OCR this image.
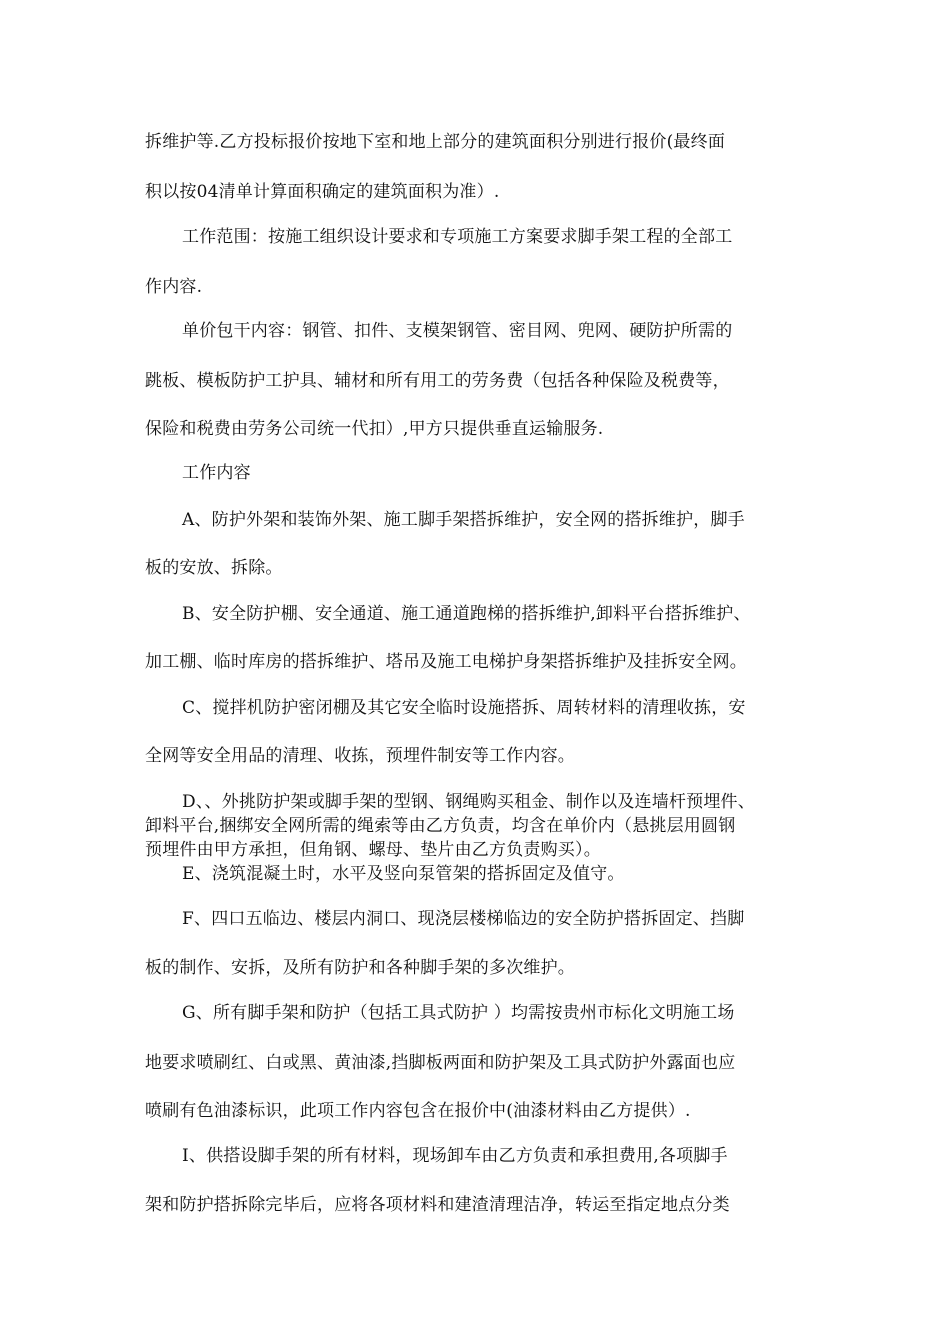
拆维护等.乙方投标报价按地下室和地上部分的建筑面积分别进行报价(最终面
积以按04清单计算面积确定的建筑面积为准）.
工作范围：按施工组织设计要求和专项施工方案要求脚手架工程的全部工
作内容.
单价包干内容：钢管、扣件、支模架钢管、密目网、兜网、硬防护所需的
跳板、模板防护工护具、辅材和所有用工的劳务费（包括各种保险及税费等，
保险和税费由劳务公司统一代扣）,甲方只提供垂直运输服务.
工作内容
A、防护外架和装饰外架、施工脚手架搭拆维护，安全网的搭拆维护，脚手
板的安放、拆除。
B、安全防护棚、安全通道、施工通道跑梯的搭拆维护,卸料平台搭拆维护、
加工棚、临时库房的搭拆维护、塔吊及施工电梯护身架搭拆维护及挂拆安全网。
C、搅拌机防护密闭棚及其它安全临时设施搭拆、周转材料的清理收拣，安
全网等安全用品的清理、收拣，预埋件制安等工作内容。
D、、外挑防护架或脚手架的型钢、钢绳购买租金、制作以及连墙杆预埋件、
卸料平台,捆绑安全网所需的绳索等由乙方负责，均含在单价内（悬挑层用圆钢
预埋件由甲方承担，但角钢、螺母、垫片由乙方负责购买）。
E、浇筑混凝土时，水平及竖向泵管架的搭拆固定及值守。
F、四口五临边、楼层内洞口、现浇层楼梯临边的安全防护搭拆固定、挡脚
板的制作、安拆，及所有防护和各种脚手架的多次维护。
G、所有脚手架和防护（包括工具式防护 ）均需按贵州市标化文明施工场
地要求喷刷红、白或黑、黄油漆,挡脚板两面和防护架及工具式防护外露面也应
喷刷有色油漆标识，此项工作内容包含在报价中(油漆材料由乙方提供）.
I、供搭设脚手架的所有材料，现场卸车由乙方负责和承担费用,各项脚手
架和防护搭拆除完毕后，应将各项材料和建渣清理洁净，转运至指定地点分类
